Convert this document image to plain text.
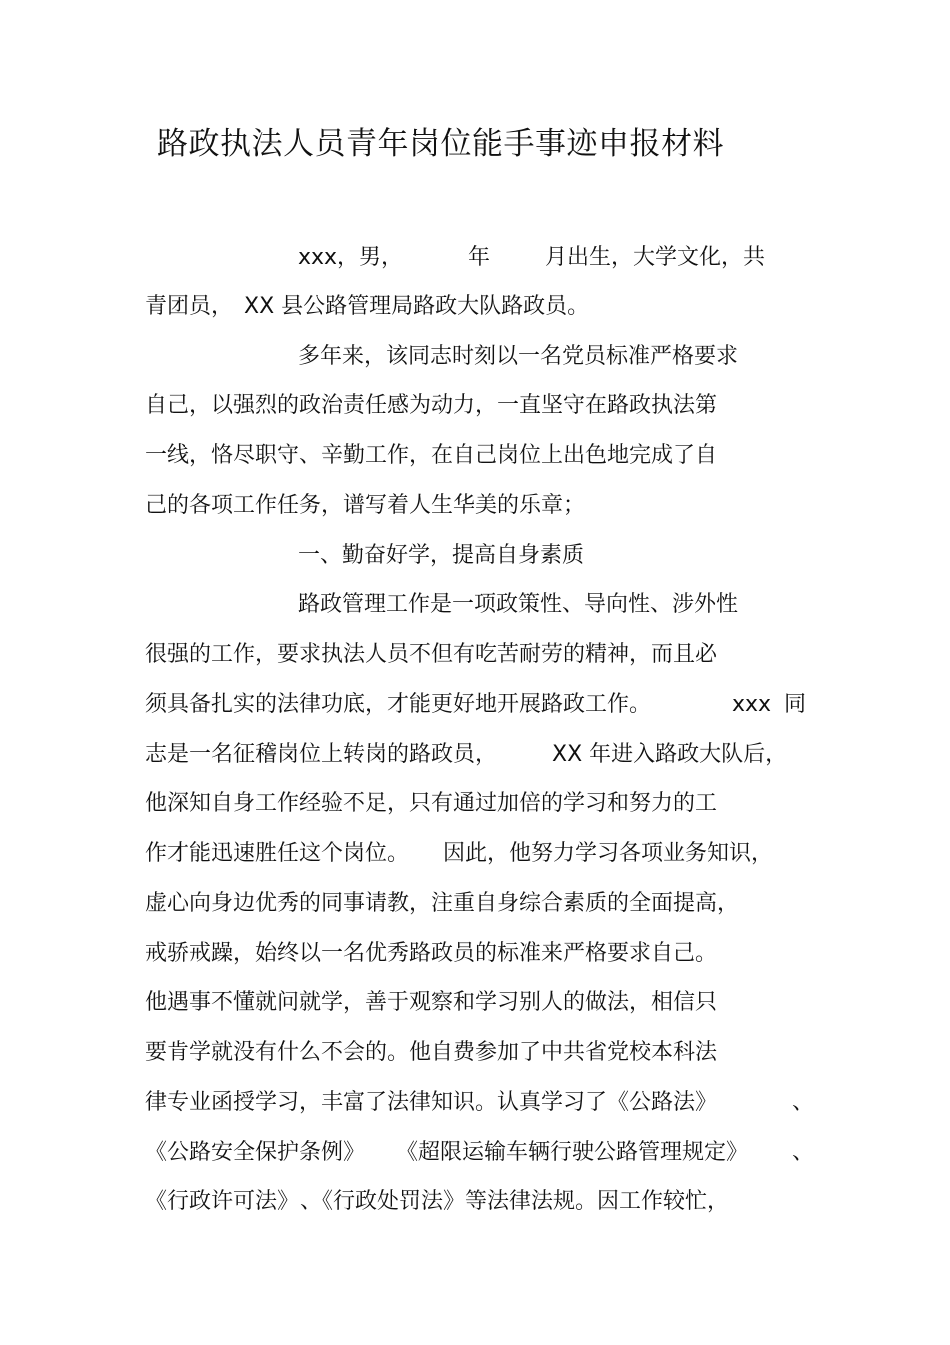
路政执法人员青年岗位能手事迹申报材料
xxx，男，	年 月出生，大学文化，共
青团员， XX 县公路管理局路政大队路政员。
多年来，该同志时刻以一名党员标准严格要求
自己，以强烈的政治责任感为动力，一直坚守在路政执法第
一线，恪尽职守、辛勤工作，在自己岗位上出色地完成了自
己的各项工作任务，谱写着人生华美的乐章；
一、勤奋好学，提高自身素质
路政管理工作是一项政策性、导向性、涉外性
很强的工作，要求执法人员不但有吃苦耐劳的精神，而且必
须具备扎实的法律功底，才能更好地开展路政工作。	xxx 同
志是一名征稽岗位上转岗的路政员， XX 年进入路政大队后，
他深知自身工作经验不足，只有通过加倍的学习和努力的工
作才能迅速胜任这个岗位。 因此，他努力学习各项业务知识，
虚心向身边优秀的同事请教，注重自身综合素质的全面提高，
戒骄戒躁，始终以一名优秀路政员的标准来严格要求自己。
他遇事不懂就问就学，善于观察和学习别人的做法，相信只
要肯学就没有什么不会的。他自费参加了中共省党校本科法
律专业函授学习，丰富了法律知识。认真学习了《公路法》	、
《公路安全保护条例》 《超限运输车辆行驶公路管理规定》 、
《行政许可法》 、《行政处罚法》等法律法规。因工作较忙，
